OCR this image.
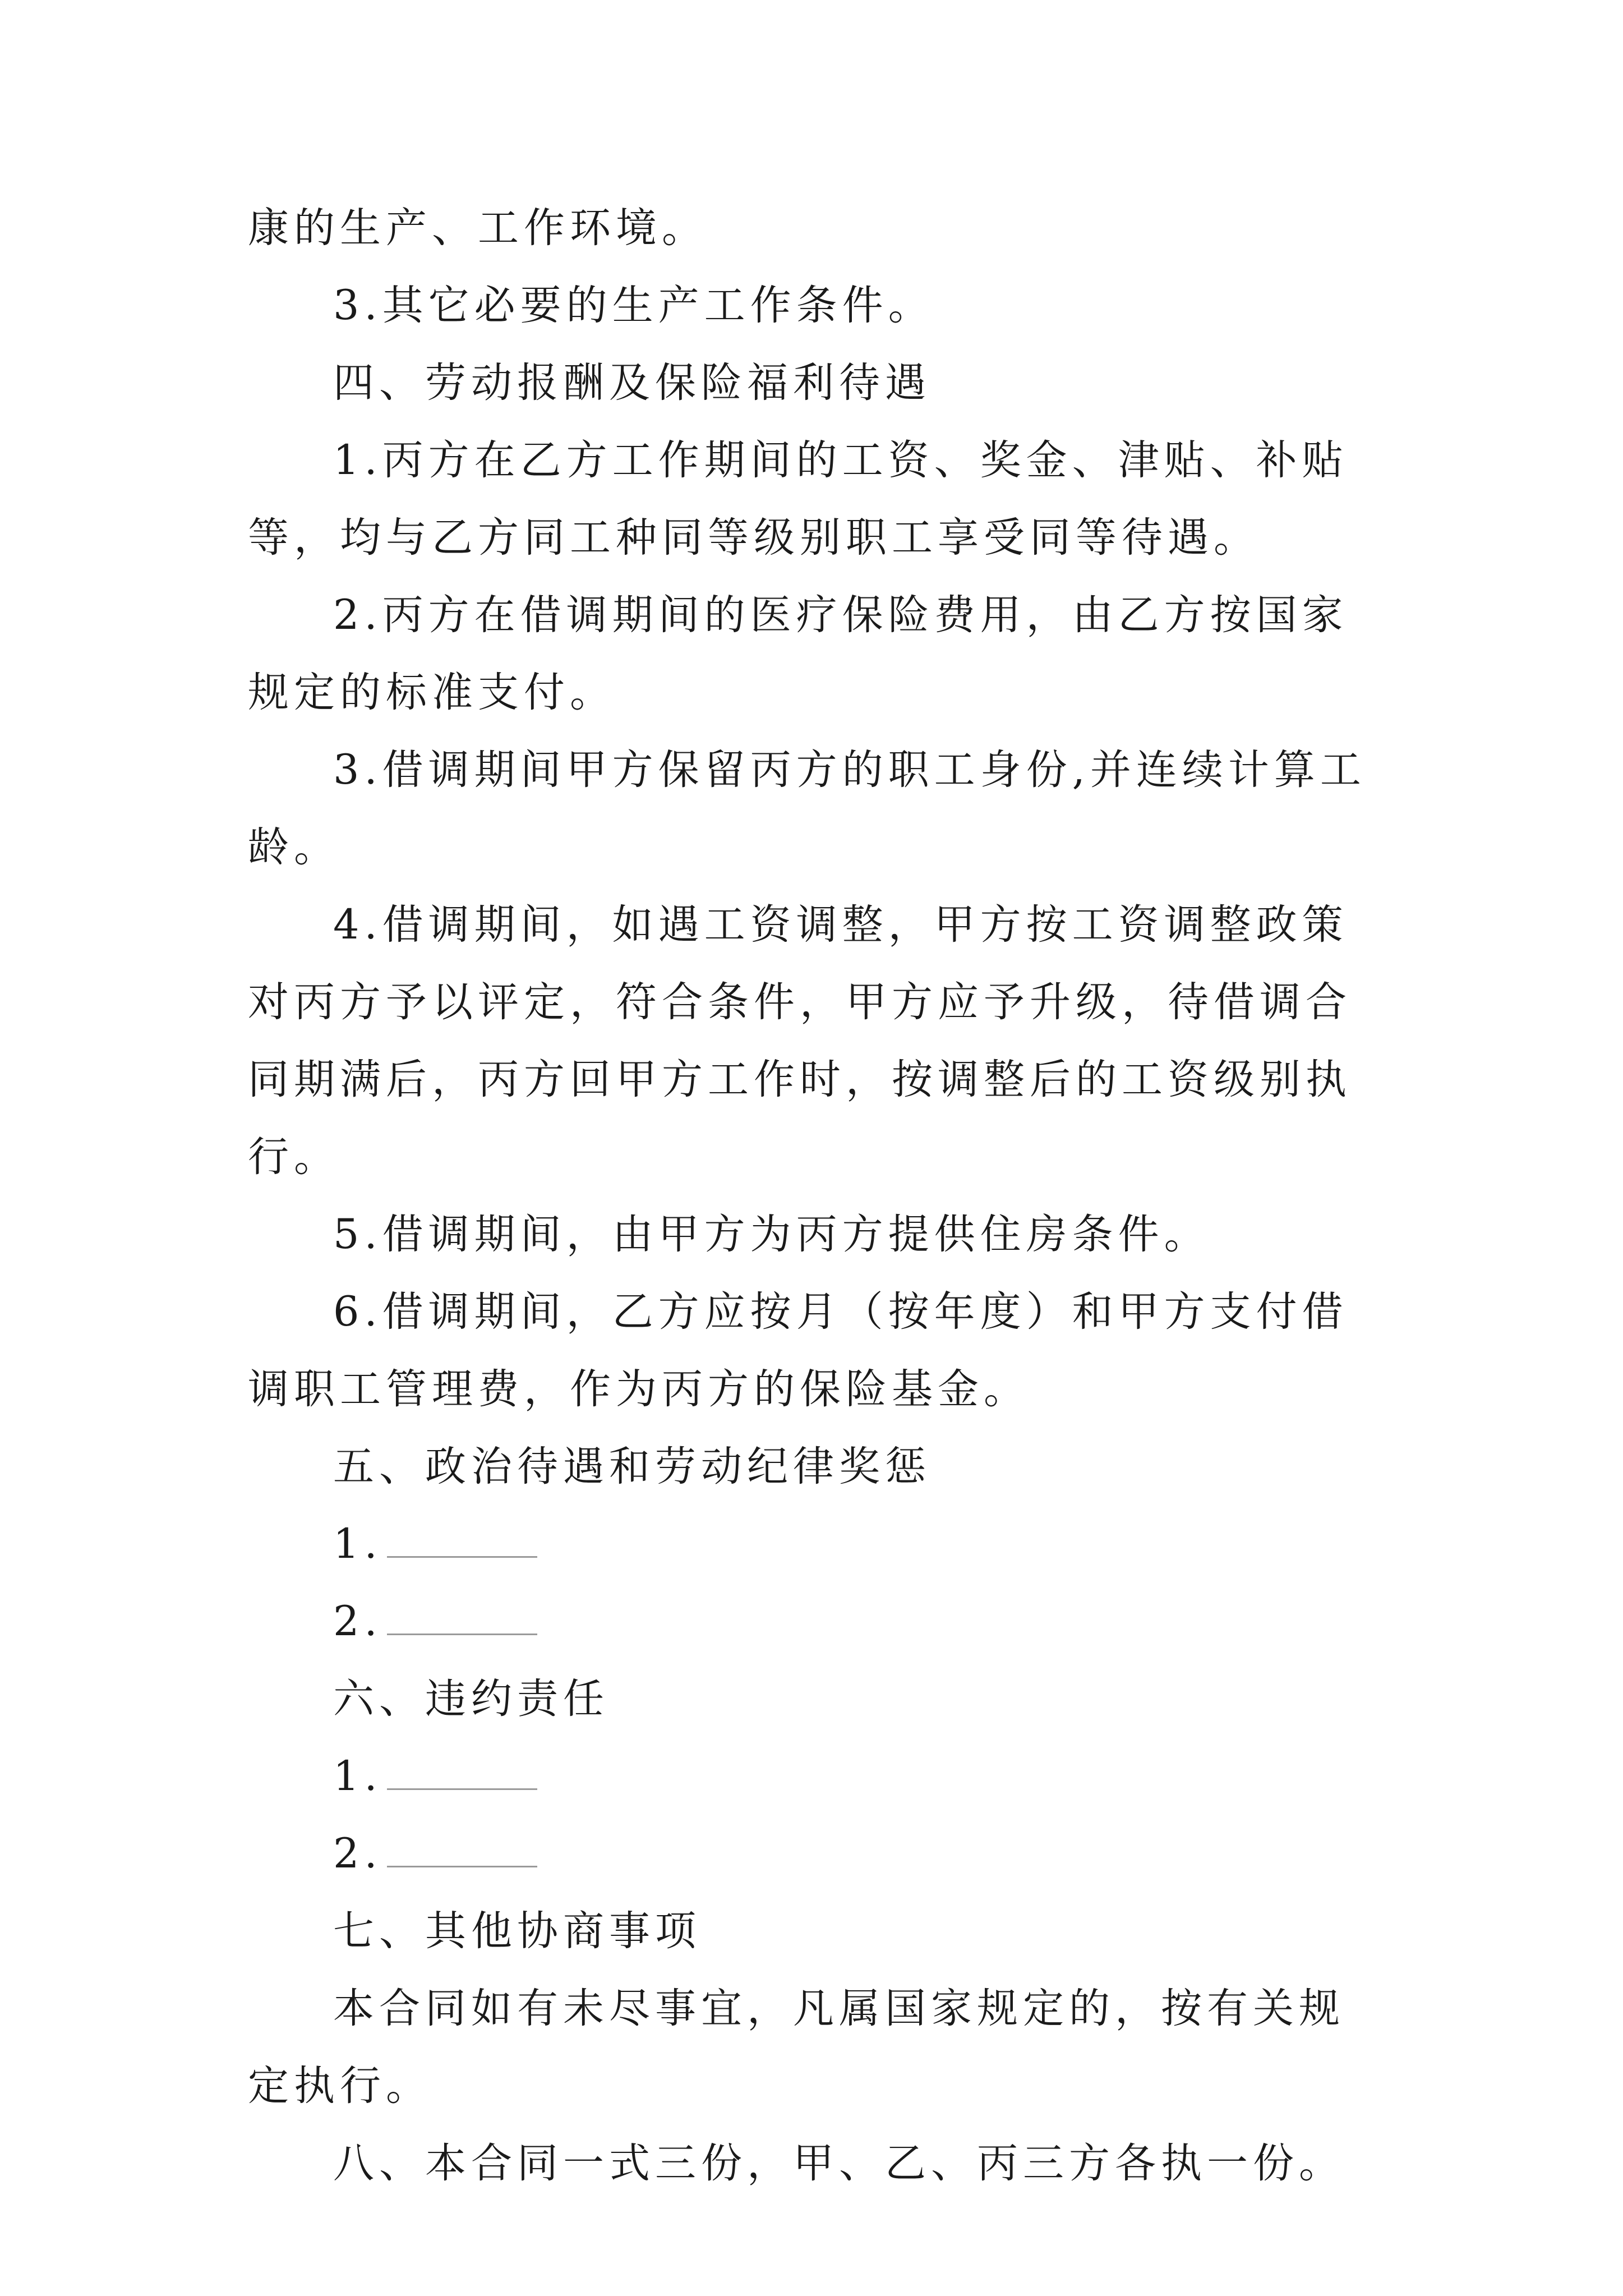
康的生产、工作环境。

3.其它必要的生产工作条件。

四、劳动报酬及保险福利待遇

1.丙方在乙方工作期间的工资、奖金、津贴、补贴等，均与乙方同工种同等级别职工享受同等待遇。

2.丙方在借调期间的医疗保险费用，由乙方按国家规定的标准支付。

3.借调期间甲方保留丙方的职工身份,并连续计算工龄。

4.借调期间，如遇工资调整，甲方按工资调整政策对丙方予以评定，符合条件，甲方应予升级，待借调合同期满后，丙方回甲方工作时，按调整后的工资级别执行。

5.借调期间，由甲方为丙方提供住房条件。

6.借调期间，乙方应按月（按年度）和甲方支付借调职工管理费，作为丙方的保险基金。

五、政治待遇和劳动纪律奖惩

1.

2.

六、违约责任

1.

2.

七、其他协商事项

本合同如有未尽事宜，凡属国家规定的，按有关规定执行。

八、本合同一式三份，甲、乙、丙三方各执一份。
